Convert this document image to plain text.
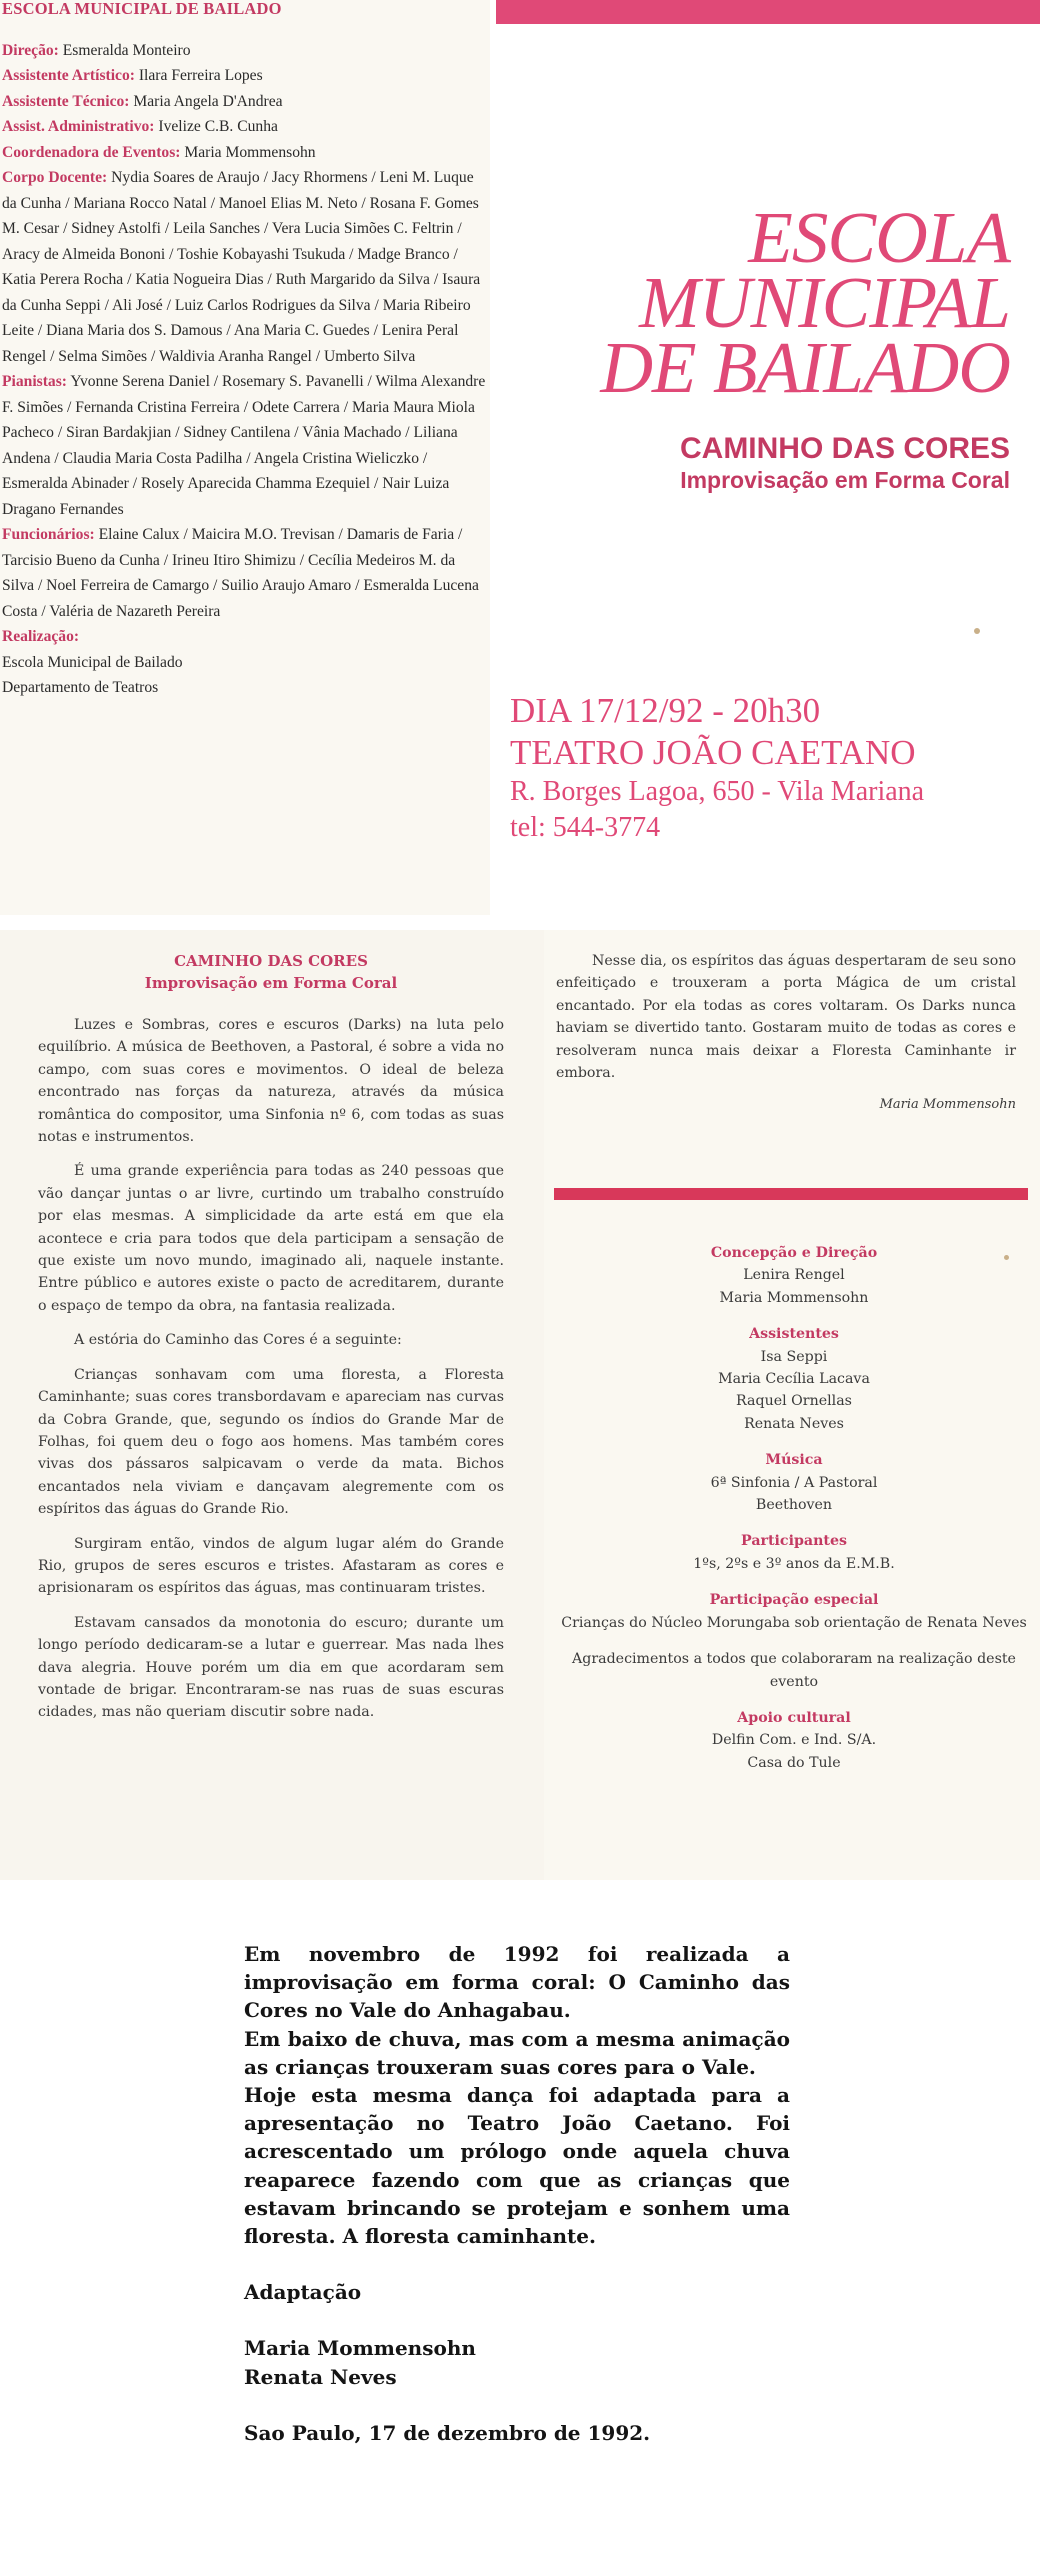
ESCOLA MUNICIPAL DE BAILADO
Direção: Esmeralda Monteiro
Assistente Artístico: Ilara Ferreira Lopes
Assistente Técnico: Maria Angela D'Andrea
Assist. Administrativo: Ivelize C.B. Cunha
Coordenadora de Eventos: Maria Mommensohn
Corpo Docente: Nydia Soares de Araujo / Jacy Rhormens / Leni M. Luque da Cunha / Mariana Rocco Natal / Manoel Elias M. Neto / Rosana F. Gomes M. Cesar / Sidney Astolfi / Leila Sanches / Vera Lucia Simões C. Feltrin / Aracy de Almeida Bononi / Toshie Kobayashi Tsukuda / Madge Branco / Katia Perera Rocha / Katia Nogueira Dias / Ruth Margarido da Silva / Isaura da Cunha Seppi / Ali José / Luiz Carlos Rodrigues da Silva / Maria Ribeiro Leite / Diana Maria dos S. Damous / Ana Maria C. Guedes / Lenira Peral Rengel / Selma Simões / Waldivia Aranha Rangel / Umberto Silva
Pianistas: Yvonne Serena Daniel / Rosemary S. Pavanelli / Wilma Alexandre F. Simões / Fernanda Cristina Ferreira / Odete Carrera / Maria Maura Miola Pacheco / Siran Bardakjian / Sidney Cantilena / Vânia Machado / Liliana Andena / Claudia Maria Costa Padilha / Angela Cristina Wieliczko / Esmeralda Abinader / Rosely Aparecida Chamma Ezequiel / Nair Luiza Dragano Fernandes
Funcionários: Elaine Calux / Maicira M.O. Trevisan / Damaris de Faria / Tarcisio Bueno da Cunha / Irineu Itiro Shimizu / Cecília Medeiros M. da Silva / Noel Ferreira de Camargo / Suilio Araujo Amaro / Esmeralda Lucena Costa / Valéria de Nazareth Pereira
Realização:
Escola Municipal de Bailado
Departamento de Teatros
ESCOLA
MUNICIPAL
DE BAILADO
CAMINHO DAS CORES
Improvisação em Forma Coral
DIA 17/12/92 - 20h30
TEATRO JOÃO CAETANO
R. Borges Lagoa, 650 - Vila Mariana
tel: 544-3774
CAMINHO DAS CORES
Improvisação em Forma Coral

Luzes e Sombras, cores e escuros (Darks) na luta pelo equilíbrio. A música de Beethoven, a Pastoral, é sobre a vida no campo, com suas cores e movimentos. O ideal de beleza encontrado nas forças da natureza, através da música romântica do compositor, uma Sinfonia nº 6, com todas as suas notas e instrumentos.

É uma grande experiência para todas as 240 pessoas que vão dançar juntas o ar livre, curtindo um trabalho construído por elas mesmas. A simplicidade da arte está em que ela acontece e cria para todos que dela participam a sensação de que existe um novo mundo, imaginado ali, naquele instante. Entre público e autores existe o pacto de acreditarem, durante o espaço de tempo da obra, na fantasia realizada.

A estória do Caminho das Cores é a seguinte:

Crianças sonhavam com uma floresta, a Floresta Caminhante; suas cores transbordavam e apareciam nas curvas da Cobra Grande, que, segundo os índios do Grande Mar de Folhas, foi quem deu o fogo aos homens. Mas também cores vivas dos pássaros salpicavam o verde da mata. Bichos encantados nela viviam e dançavam alegremente com os espíritos das águas do Grande Rio.

Surgiram então, vindos de algum lugar além do Grande Rio, grupos de seres escuros e tristes. Afastaram as cores e aprisionaram os espíritos das águas, mas continuaram tristes.

Estavam cansados da monotonia do escuro; durante um longo período dedicaram-se a lutar e guerrear. Mas nada lhes dava alegria. Houve porém um dia em que acordaram sem vontade de brigar. Encontraram-se nas ruas de suas escuras cidades, mas não queriam discutir sobre nada.

Nesse dia, os espíritos das águas despertaram de seu sono enfeitiçado e trouxeram a porta Mágica de um cristal encantado. Por ela todas as cores voltaram. Os Darks nunca haviam se divertido tanto. Gostaram muito de todas as cores e resolveram nunca mais deixar a Floresta Caminhante ir embora.

Maria Mommensohn
Concepção e Direção
Lenira Rengel
Maria Mommensohn
Assistentes
Isa Seppi
Maria Cecília Lacava
Raquel Ornellas
Renata Neves
Música
6ª Sinfonia / A Pastoral
Beethoven
Participantes
1ºs, 2ºs e 3º anos da E.M.B.
Participação especial
Crianças do Núcleo Morungaba sob orientação de Renata Neves
Agradecimentos a todos que colaboraram na realização deste evento
Apoio cultural
Delfin Com. e Ind. S/A.
Casa do Tule

Em novembro de 1992 foi realizada a improvisação em forma coral: O Caminho das Cores no Vale do Anhagabau.

Em baixo de chuva, mas com a mesma animação as crianças trouxeram suas cores para o Vale.

Hoje esta mesma dança foi adaptada para a apresentação no Teatro João Caetano. Foi acrescentado um prólogo onde aquela chuva reaparece fazendo com que as crianças que estavam brincando se protejam e sonhem uma floresta. A floresta caminhante.

Adaptação
Maria Mommensohn
Renata Neves
Sao Paulo, 17 de dezembro de 1992.
